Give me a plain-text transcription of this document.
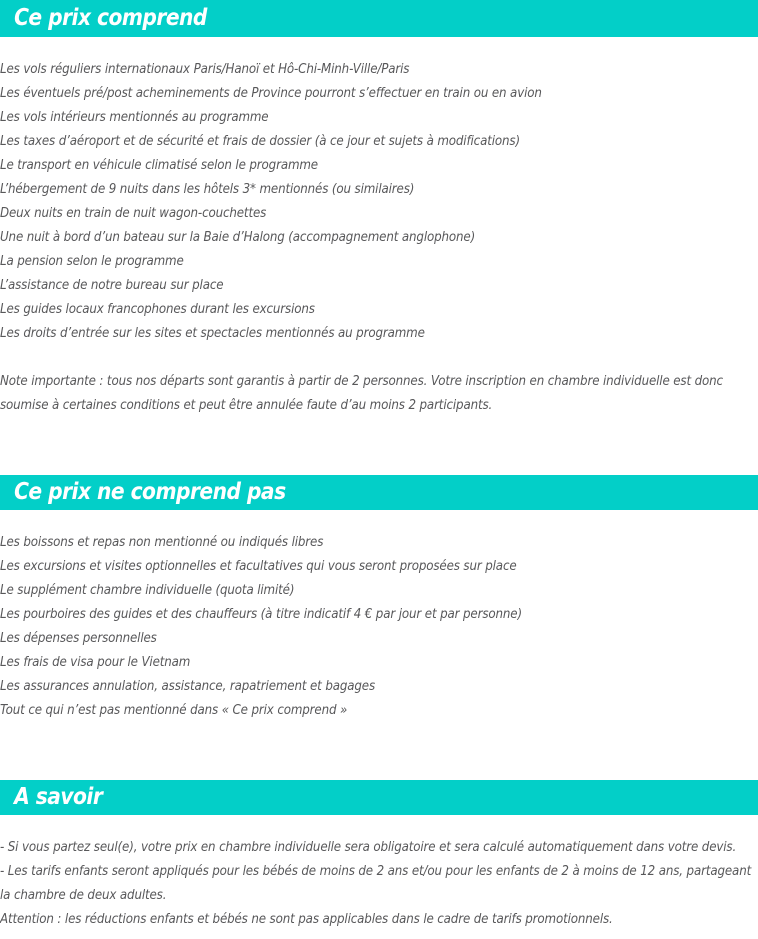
Ce prix comprend
Les vols réguliers internationaux Paris/Hanoï et Hô-Chi-Minh-Ville/Paris
Les éventuels pré/post acheminements de Province pourront s’effectuer en train ou en avion
Les vols intérieurs mentionnés au programme
Les taxes d’aéroport et de sécurité et frais de dossier (à ce jour et sujets à modifications)
Le transport en véhicule climatisé selon le programme
L’hébergement de 9 nuits dans les hôtels 3* mentionnés (ou similaires)
Deux nuits en train de nuit wagon-couchettes
Une nuit à bord d’un bateau sur la Baie d’Halong (accompagnement anglophone)
La pension selon le programme
L’assistance de notre bureau sur place
Les guides locaux francophones durant les excursions
Les droits d’entrée sur les sites et spectacles mentionnés au programme
Note importante : tous nos départs sont garantis à partir de 2 personnes. Votre inscription en chambre individuelle est donc soumise à certaines conditions et peut être annulée faute d’au moins 2 participants.
Ce prix ne comprend pas
Les boissons et repas non mentionné ou indiqués libres
Les excursions et visites optionnelles et facultatives qui vous seront proposées sur place
Le supplément chambre individuelle (quota limité)
Les pourboires des guides et des chauffeurs (à titre indicatif 4 € par jour et par personne)
Les dépenses personnelles
Les frais de visa pour le Vietnam
Les assurances annulation, assistance, rapatriement et bagages
Tout ce qui n’est pas mentionné dans « Ce prix comprend »
A savoir
- Si vous partez seul(e), votre prix en chambre individuelle sera obligatoire et sera calculé automatiquement dans votre devis.
- Les tarifs enfants seront appliqués pour les bébés de moins de 2 ans et/ou pour les enfants de 2 à moins de 12 ans, partageant la chambre de deux adultes.
Attention : les réductions enfants et bébés ne sont pas applicables dans le cadre de tarifs promotionnels.
